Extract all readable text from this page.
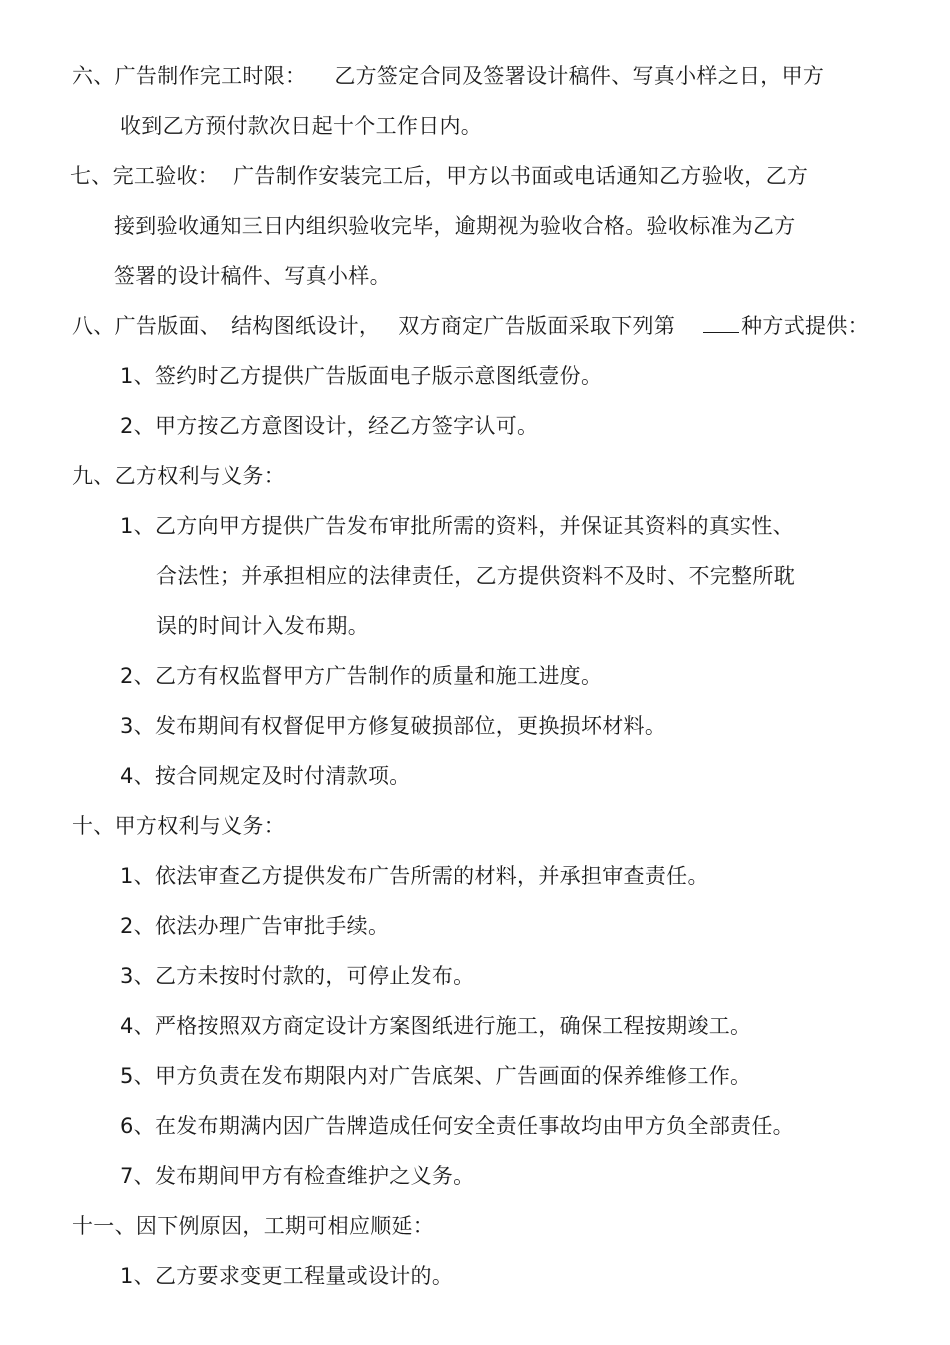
六、广告制作完工时限： 乙方签定合同及签署设计稿件、写真小样之日，甲方
收到乙方预付款次日起十个工作日内。
七、完工验收： 广告制作安装完工后，甲方以书面或电话通知乙方验收，乙方
接到验收通知三日内组织验收完毕，逾期视为验收合格。验收标准为乙方
签署的设计稿件、写真小样。
八、广告版面、 结构图纸设计， 双方商定广告版面采取下列第	种方式提供：
1、签约时乙方提供广告版面电子版示意图纸壹份。
2、甲方按乙方意图设计，经乙方签字认可。
九、乙方权利与义务：
1、乙方向甲方提供广告发布审批所需的资料，并保证其资料的真实性、
合法性；并承担相应的法律责任，乙方提供资料不及时、不完整所耽
误的时间计入发布期。
2、乙方有权监督甲方广告制作的质量和施工进度。
3、发布期间有权督促甲方修复破损部位，更换损坏材料。
4、按合同规定及时付清款项。
十、甲方权利与义务：
1、依法审查乙方提供发布广告所需的材料，并承担审查责任。
2、依法办理广告审批手续。
3、乙方未按时付款的，可停止发布。
4、严格按照双方商定设计方案图纸进行施工，确保工程按期竣工。
5、甲方负责在发布期限内对广告底架、广告画面的保养维修工作。
6、在发布期满内因广告牌造成任何安全责任事故均由甲方负全部责任。
7、发布期间甲方有检查维护之义务。
十一、因下例原因，工期可相应顺延：
1、乙方要求变更工程量或设计的。
